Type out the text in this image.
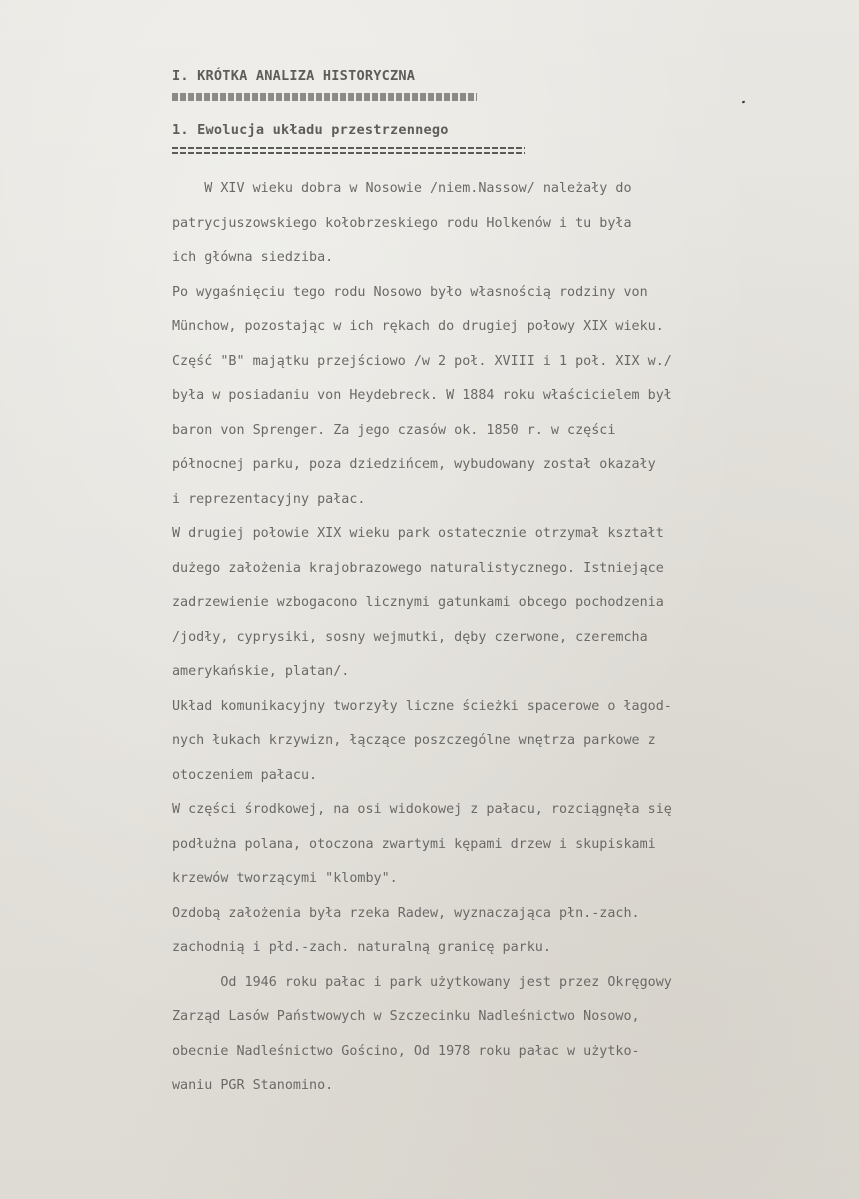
I. KRÓTKA ANALIZA HISTORYCZNA
1. Ewolucja układu przestrzennego
W XIV wieku dobra w Nosowie /niem.Nassow/ należały do
patrycjuszowskiego kołobrzeskiego rodu Holkenów i tu była
ich główna siedziba.
Po wygaśnięciu tego rodu Nosowo było własnością rodziny von
Münchow, pozostając w ich rękach do drugiej połowy XIX wieku.
Część "B" majątku przejściowo /w 2 poł. XVIII i 1 poł. XIX w./
była w posiadaniu von Heydebreck. W 1884 roku właścicielem był
baron von Sprenger. Za jego czasów ok. 1850 r. w części
północnej parku, poza dziedzińcem, wybudowany został okazały
i reprezentacyjny pałac.
W drugiej połowie XIX wieku park ostatecznie otrzymał kształt
dużego założenia krajobrazowego naturalistycznego. Istniejące
zadrzewienie wzbogacono licznymi gatunkami obcego pochodzenia
/jodły, cyprysiki, sosny wejmutki, dęby czerwone, czeremcha
amerykańskie, platan/.
Układ komunikacyjny tworzyły liczne ścieżki spacerowe o łagod-
nych łukach krzywizn, łączące poszczególne wnętrza parkowe z
otoczeniem pałacu.
W części środkowej, na osi widokowej z pałacu, rozciągnęła się
podłużna polana, otoczona zwartymi kępami drzew i skupiskami
krzewów tworzącymi "klomby".
Ozdobą założenia była rzeka Radew, wyznaczająca płn.-zach.
zachodnią i płd.-zach. naturalną granicę parku.
Od 1946 roku pałac i park użytkowany jest przez Okręgowy
Zarząd Lasów Państwowych w Szczecinku Nadleśnictwo Nosowo,
obecnie Nadleśnictwo Gościno, Od 1978 roku pałac w użytko-
waniu PGR Stanomino.
